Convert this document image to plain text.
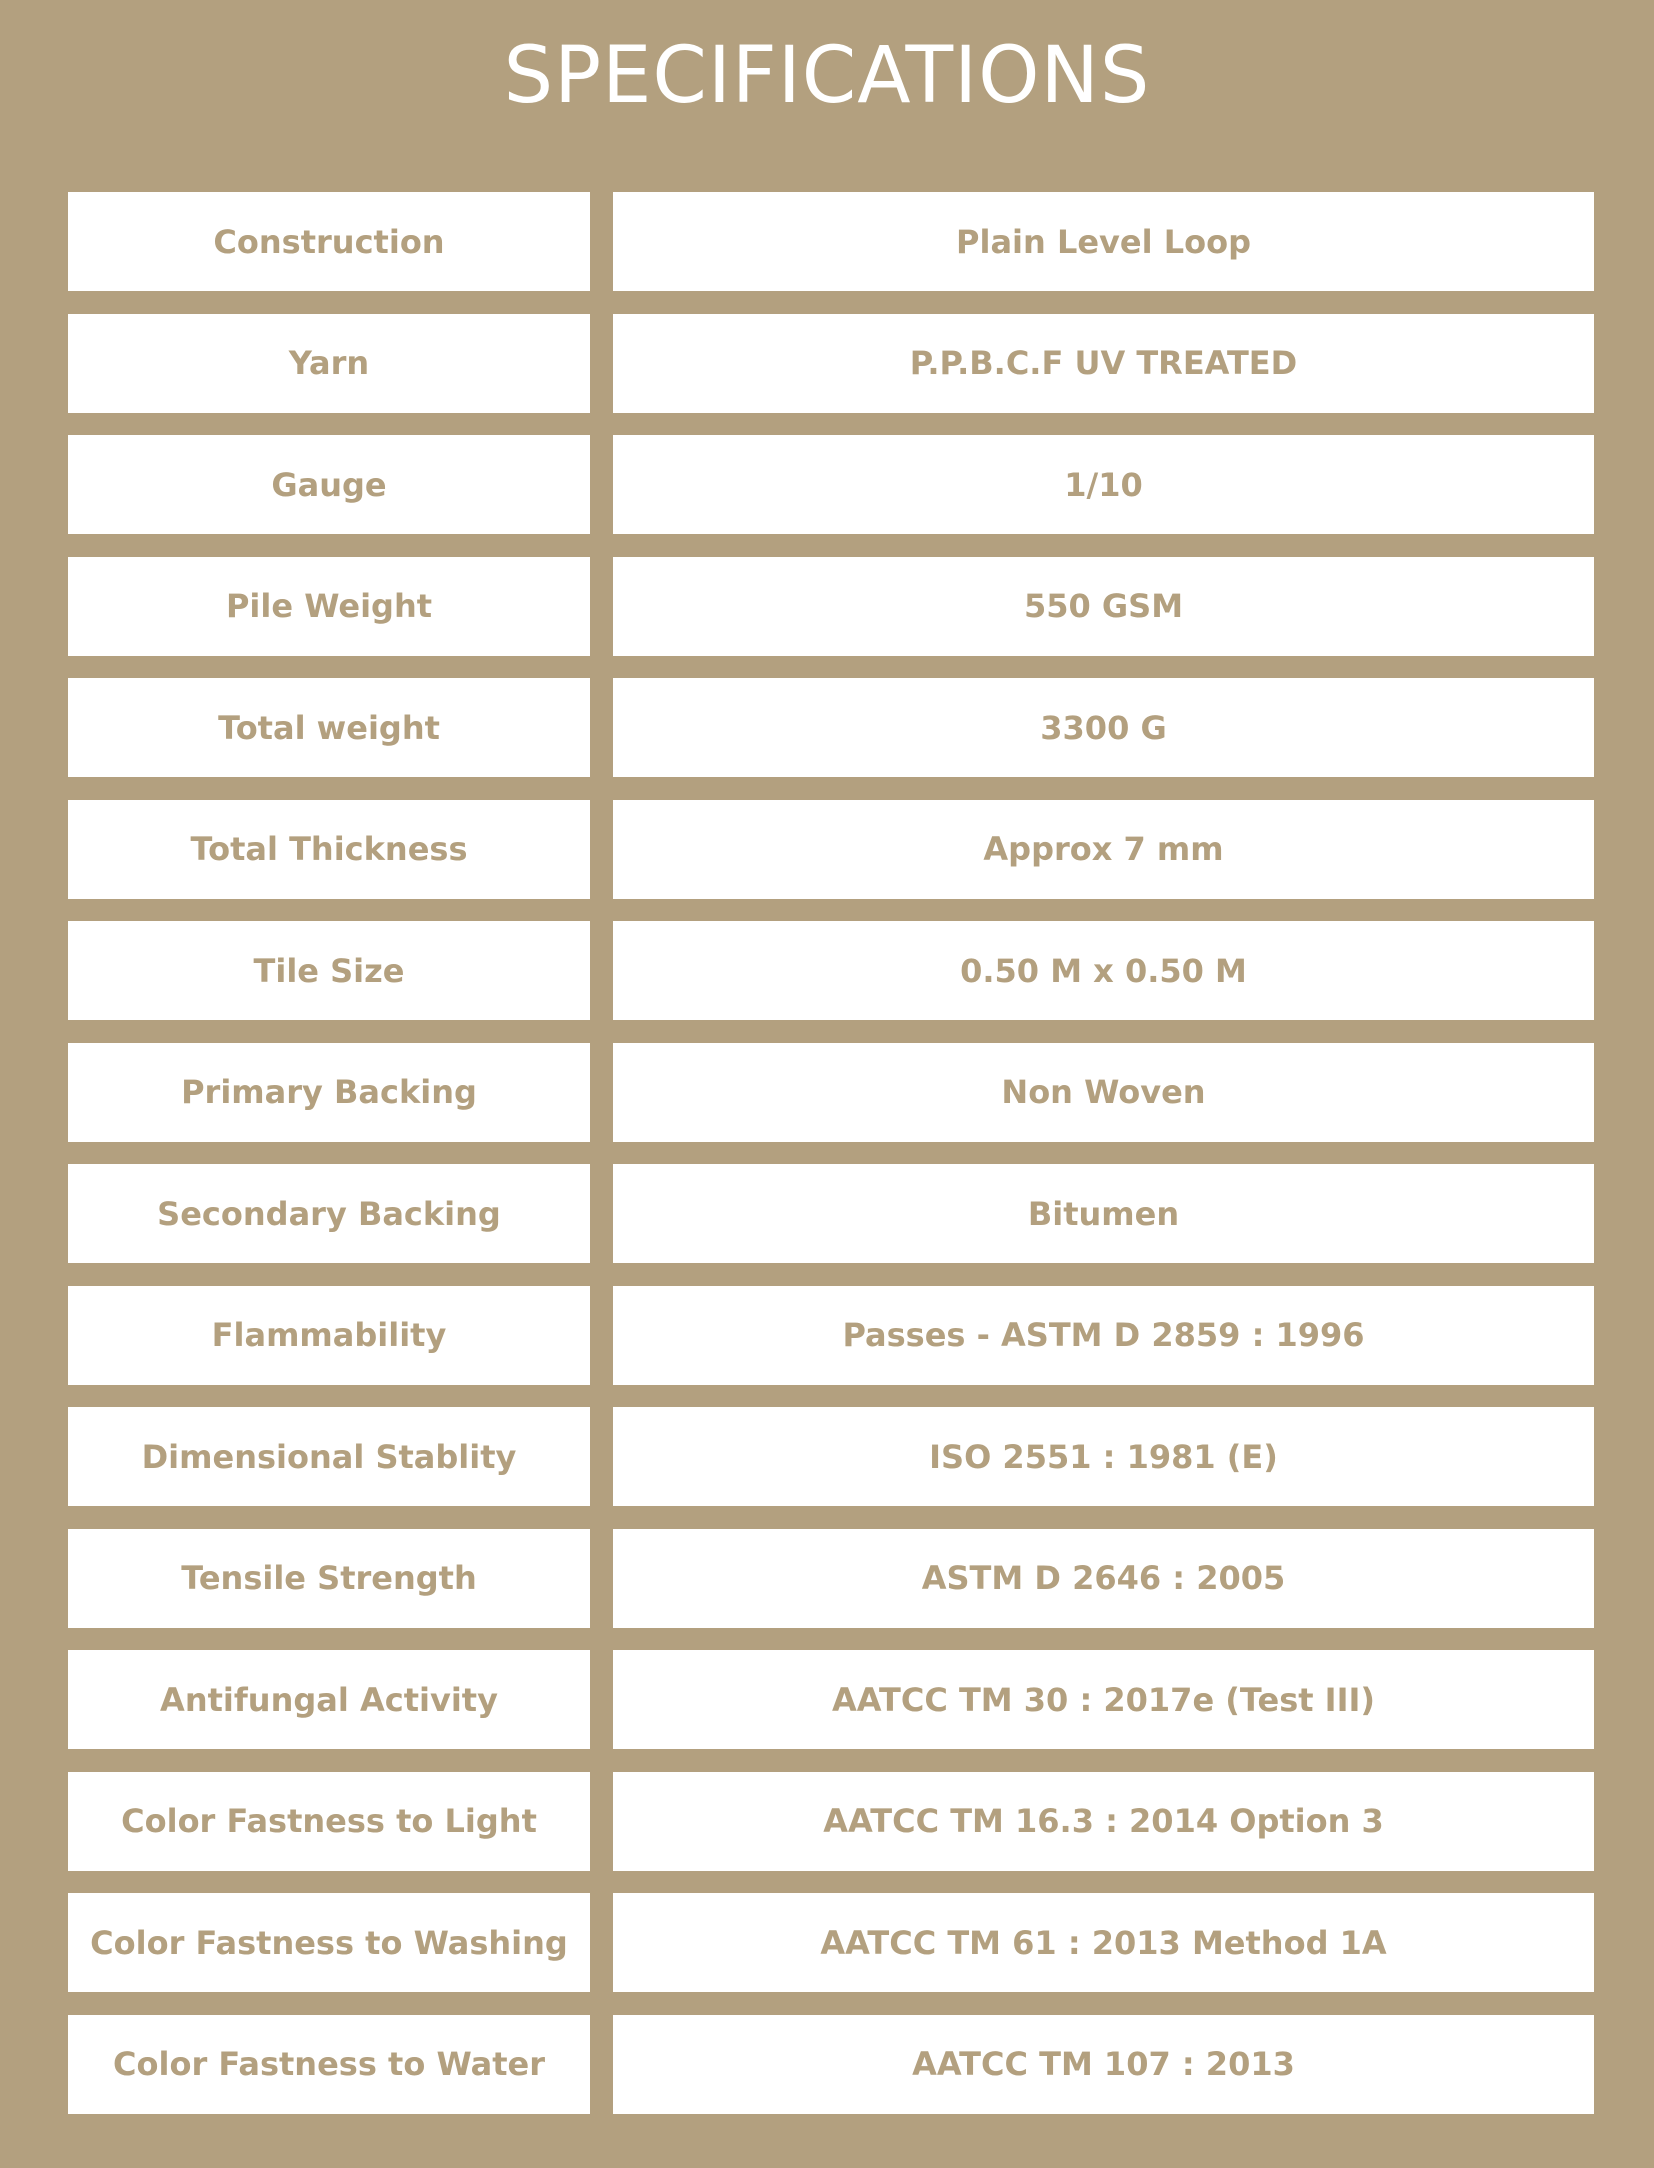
SPECIFICATIONS
Construction	Plain Level Loop
Yarn	P.P.B.C.F UV TREATED
Gauge	1/10
Pile Weight	550 GSM
Total weight	3300 G
Total Thickness	Approx 7 mm
Tile Size	0.50 M x 0.50 M
Primary Backing	Non Woven
Secondary Backing	Bitumen
Flammability	Passes - ASTM D 2859 : 1996
Dimensional Stablity	ISO 2551 : 1981 (E)
Tensile Strength	ASTM D 2646 : 2005
Antifungal Activity	AATCC TM 30 : 2017e (Test III)
Color Fastness to Light	AATCC TM 16.3 : 2014 Option 3
Color Fastness to Washing	AATCC TM 61 : 2013 Method 1A
Color Fastness to Water	AATCC TM 107 : 2013
